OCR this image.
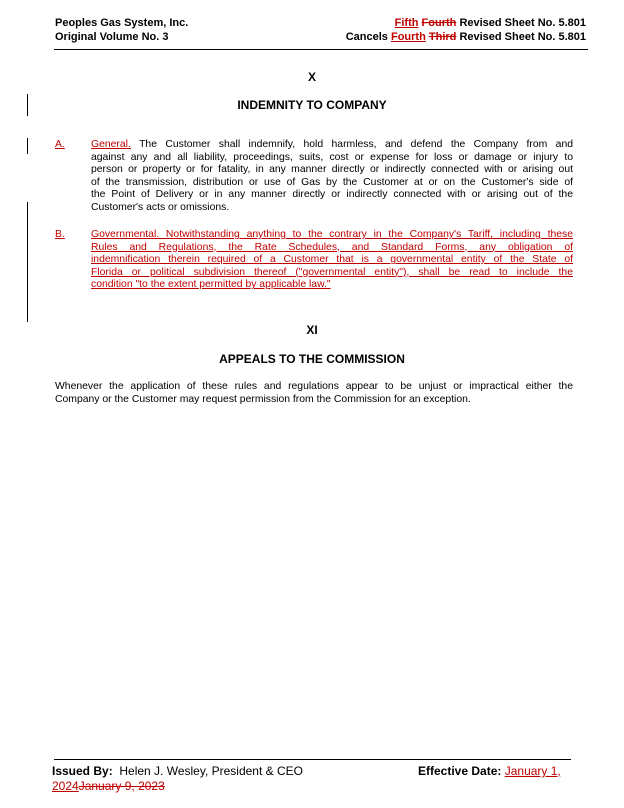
Peoples Gas System, Inc.
Original Volume No. 3
Fifth Fourth Revised Sheet No. 5.801
Cancels Fourth Third Revised Sheet No. 5.801
X
INDEMNITY TO COMPANY
A.	General. The Customer shall indemnify, hold harmless, and defend the Company from and
against any and all liability, proceedings, suits, cost or expense for loss or damage or injury to
person or property or for fatality, in any manner directly or indirectly connected with or arising out
of the transmission, distribution or use of Gas by the Customer at or on the Customer's side of
the Point of Delivery or in any manner directly or indirectly connected with or arising out of the
Customer's acts or omissions.
B.	Governmental. Notwithstanding anything to the contrary in the Company's Tariff, including these
Rules and Regulations, the Rate Schedules, and Standard Forms, any obligation of
indemnification therein required of a Customer that is a governmental entity of the State of
Florida or political subdivision thereof ("governmental entity"), shall be read to include the
condition "to the extent permitted by applicable law."
XI
APPEALS TO THE COMMISSION
Whenever the application of these rules and regulations appear to be unjust or impractical either the
Company or the Customer may request permission from the Commission for an exception.
Issued By: Helen J. Wesley, President & CEO	Effective Date: January 1,
2024January 9, 2023
